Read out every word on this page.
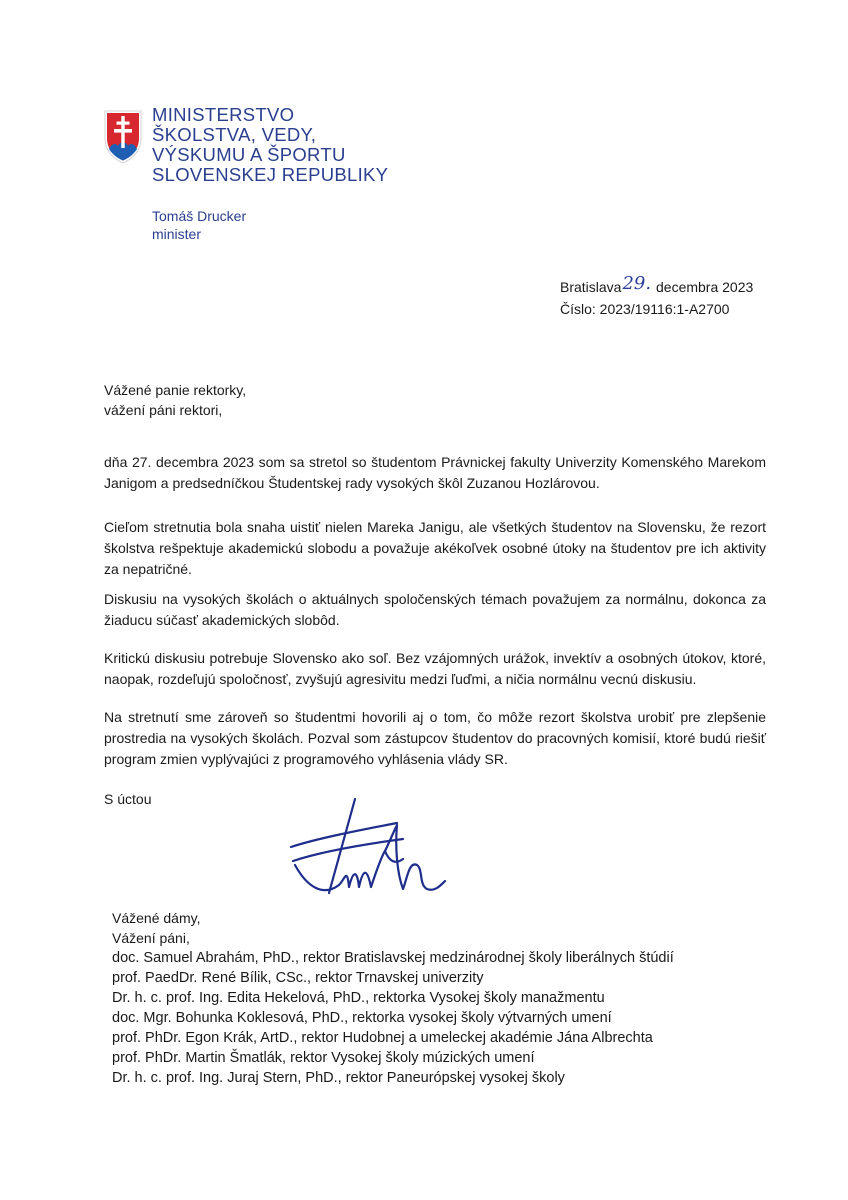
MINISTERSTVO
ŠKOLSTVA, VEDY,
VÝSKUMU A ŠPORTU
SLOVENSKEJ REPUBLIKY
Tomáš Drucker
minister
Bratislava29. decembra 2023
Číslo: 2023/19116:1-A2700
Vážené panie rektorky,
vážení páni rektori,
dňa 27. decembra 2023 som sa stretol so študentom Právnickej fakulty Univerzity Komenského Marekom Janigom a predsedníčkou Študentskej rady vysokých škôl Zuzanou Hozlárovou.
Cieľom stretnutia bola snaha uistiť nielen Mareka Janigu, ale všetkých študentov na Slovensku, že rezort školstva rešpektuje akademickú slobodu a považuje akékoľvek osobné útoky na študentov pre ich aktivity za nepatričné.
Diskusiu na vysokých školách o aktuálnych spoločenských témach považujem za normálnu, dokonca za žiaducu súčasť akademických slobôd.
Kritickú diskusiu potrebuje Slovensko ako soľ. Bez vzájomných urážok, invektív a osobných útokov, ktoré, naopak, rozdeľujú spoločnosť, zvyšujú agresivitu medzi ľuďmi, a ničia normálnu vecnú diskusiu.
Na stretnutí sme zároveň so študentmi hovorili aj o tom, čo môže rezort školstva urobiť pre zlepšenie prostredia na vysokých školách. Pozval som zástupcov študentov do pracovných komisií, ktoré budú riešiť program zmien vyplývajúci z programového vyhlásenia vlády SR.
S úctou
Vážené dámy,
Vážení páni,
doc. Samuel Abrahám, PhD., rektor Bratislavskej medzinárodnej školy liberálnych štúdií
prof. PaedDr. René Bílik, CSc., rektor Trnavskej univerzity
Dr. h. c. prof. Ing. Edita Hekelová, PhD., rektorka Vysokej školy manažmentu
doc. Mgr. Bohunka Koklesová, PhD., rektorka vysokej školy výtvarných umení
prof. PhDr. Egon Krák, ArtD., rektor Hudobnej a umeleckej akadémie Jána Albrechta
prof. PhDr. Martin Šmatlák, rektor Vysokej školy múzických umení
Dr. h. c. prof. Ing. Juraj Stern, PhD., rektor Paneurópskej vysokej školy
